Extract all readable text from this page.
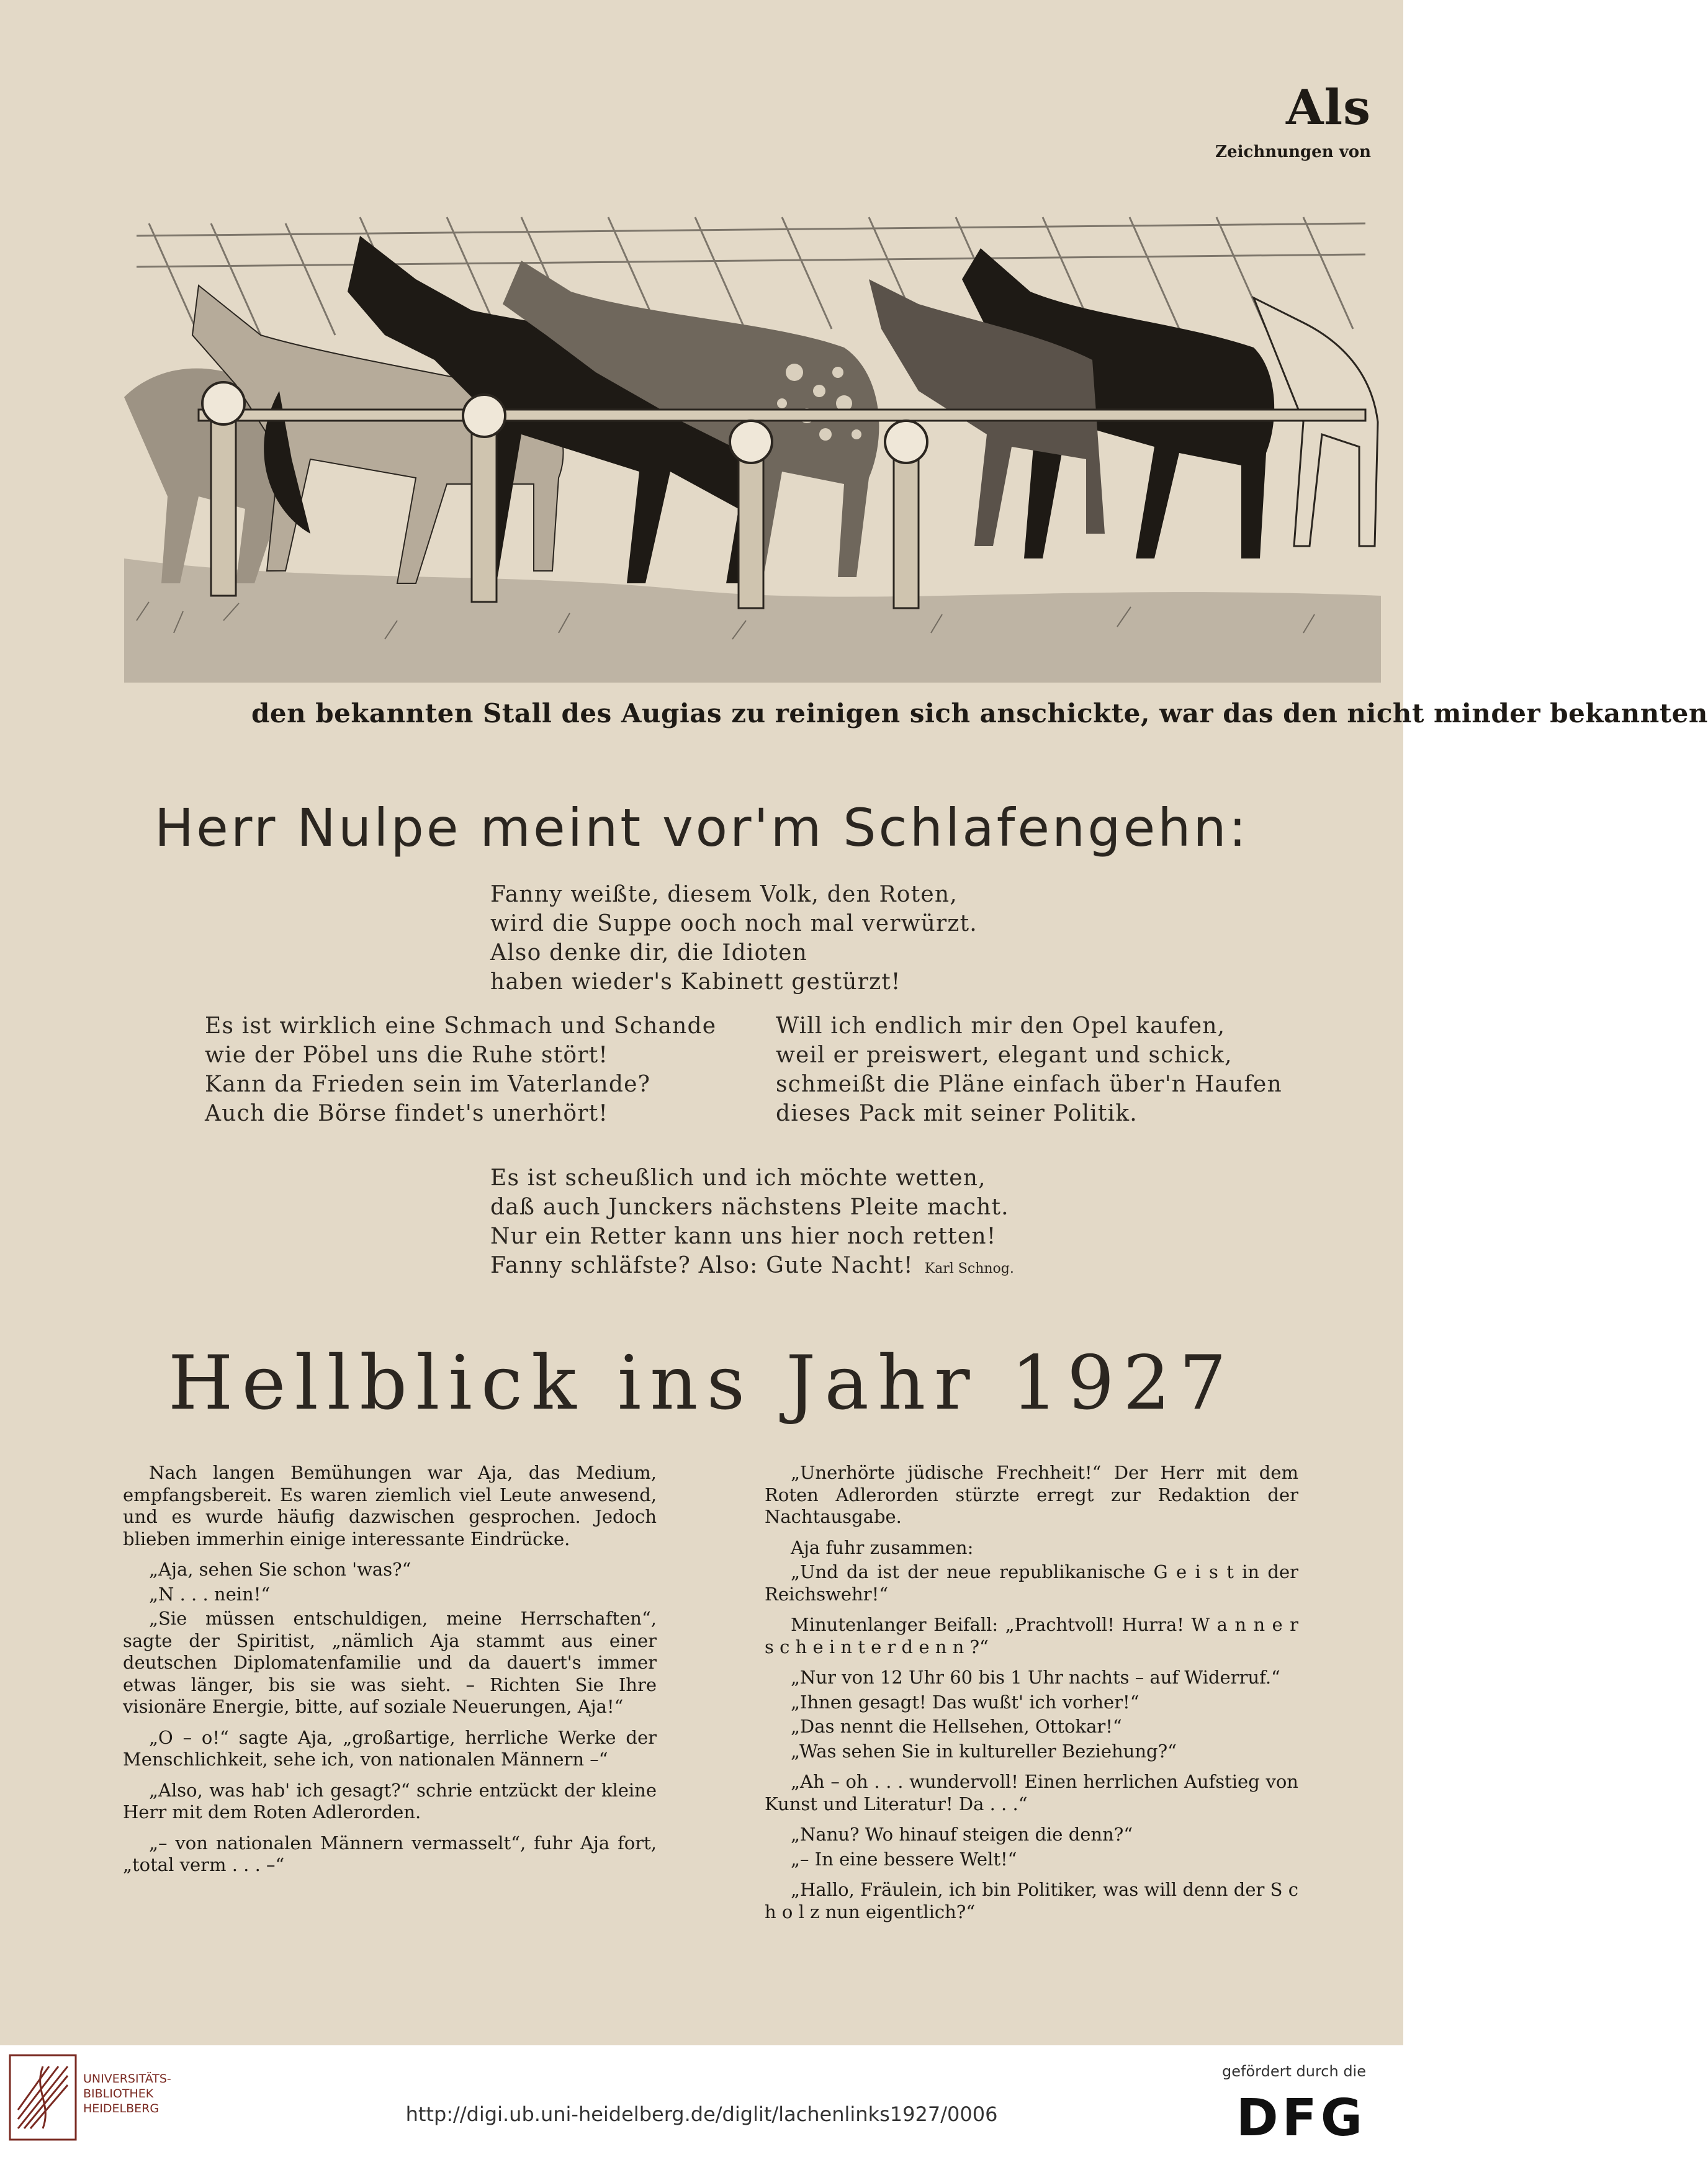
Als
Zeichnungen von
den bekannten Stall des Augias zu reinigen sich anschickte, war das den nicht minder bekannten
Herr Nulpe meint vor'm Schlafengehn:
Fanny weißte, diesem Volk, den Roten,
wird die Suppe ooch noch mal verwürzt.
Also denke dir, die Idioten
haben wieder's Kabinett gestürzt!
Es ist wirklich eine Schmach und Schande
wie der Pöbel uns die Ruhe stört!
Kann da Frieden sein im Vaterlande?
Auch die Börse findet's unerhört!
Will ich endlich mir den Opel kaufen,
weil er preiswert, elegant und schick,
schmeißt die Pläne einfach über'n Haufen
dieses Pack mit seiner Politik.
Es ist scheußlich und ich möchte wetten,
daß auch Junckers nächstens Pleite macht.
Nur ein Retter kann uns hier noch retten!
Fanny schläfste? Also: Gute Nacht! Karl Schnog.
Hellblick ins Jahr 1927

Nach langen Bemühungen war Aja, das Medium, empfangsbereit. Es waren ziemlich viel Leute anwesend, und es wurde häufig dazwischen gesprochen. Jedoch blieben immerhin einige interessante Eindrücke.

„Aja, sehen Sie schon 'was?“

„N . . . nein!“

„Sie müssen entschuldigen, meine Herrschaften“, sagte der Spiritist, „nämlich Aja stammt aus einer deutschen Diplomatenfamilie und da dauert's immer etwas länger, bis sie was sieht. – Richten Sie Ihre visionäre Energie, bitte, auf soziale Neuerungen, Aja!“

„O – o!“ sagte Aja, „großartige, herrliche Werke der Menschlichkeit, sehe ich, von nationalen Männern –“

„Also, was hab' ich gesagt?“ schrie entzückt der kleine Herr mit dem Roten Adlerorden.

„– von nationalen Männern vermasselt“, fuhr Aja fort, „total verm . . . –“

„Unerhörte jüdische Frechheit!“ Der Herr mit dem Roten Adlerorden stürzte erregt zur Redaktion der Nachtausgabe.

Aja fuhr zusammen:

„Und da ist der neue republikanische G e i s t in der Reichswehr!“

Minutenlanger Beifall: „Prachtvoll! Hurra! W a n n e r s c h e i n t e r d e n n ?“

„Nur von 12 Uhr 60 bis 1 Uhr nachts – auf Widerruf.“

„Ihnen gesagt! Das wußt' ich vorher!“

„Das nennt die Hellsehen, Ottokar!“

„Was sehen Sie in kultureller Beziehung?“

„Ah – oh . . . wundervoll! Einen herrlichen Aufstieg von Kunst und Literatur! Da . . .“

„Nanu? Wo hinauf steigen die denn?“

„– In eine bessere Welt!“

„Hallo, Fräulein, ich bin Politiker, was will denn der S c h o l z nun eigentlich?“

UNIVERSITÄTS-
BIBLIOTHEK
HEIDELBERG	http://digi.ub.uni-heidelberg.de/diglit/lachenlinks1927/0006
gefördert durch die
DFG
